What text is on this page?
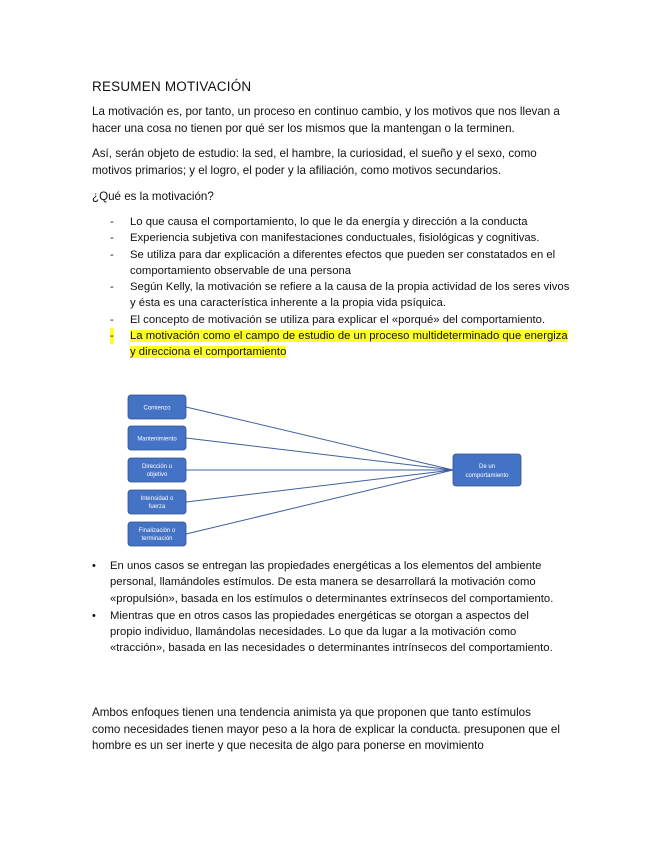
RESUMEN MOTIVACIÓN
La motivación es, por tanto, un proceso en continuo cambio, y los motivos que nos llevan a hacer una cosa no tienen por qué ser los mismos que la mantengan o la terminen.
Así, serán objeto de estudio: la sed, el hambre, la curiosidad, el sueño y el sexo, como motivos primarios; y el logro, el poder y la afiliación, como motivos secundarios.
¿Qué es la motivación?
- Lo que causa el comportamiento, lo que le da energía y dirección a la conducta
- Experiencia subjetiva con manifestaciones conductuales, fisiológicas y cognitivas.
- Se utiliza para dar explicación a diferentes efectos que pueden ser constatados en el comportamiento observable de una persona
- Según Kelly, la motivación se refiere a la causa de la propia actividad de los seres vivos y ésta es una característica inherente a la propia vida psíquica.
- El concepto de motivación se utiliza para explicar el «porqué» del comportamiento.
- La motivación como el campo de estudio de un proceso multideterminado que energiza y direcciona el comportamiento
Comienzo
Mantenimiento
Dirección u
objetivo
Intensidad o
fuerza
Finalización o
terminación
De un
comportamiento
• En unos casos se entregan las propiedades energéticas a los elementos del ambiente personal, llamándoles estímulos. De esta manera se desarrollará la motivación como «propulsión», basada en los estímulos o determinantes extrínsecos del comportamiento.
• Mientras que en otros casos las propiedades energéticas se otorgan a aspectos del propio individuo, llamándolas necesidades. Lo que da lugar a la motivación como «tracción», basada en las necesidades o determinantes intrínsecos del comportamiento.
Ambos enfoques tienen una tendencia animista ya que proponen que tanto estímulos como necesidades tienen mayor peso a la hora de explicar la conducta. presuponen que el hombre es un ser inerte y que necesita de algo para ponerse en movimiento
